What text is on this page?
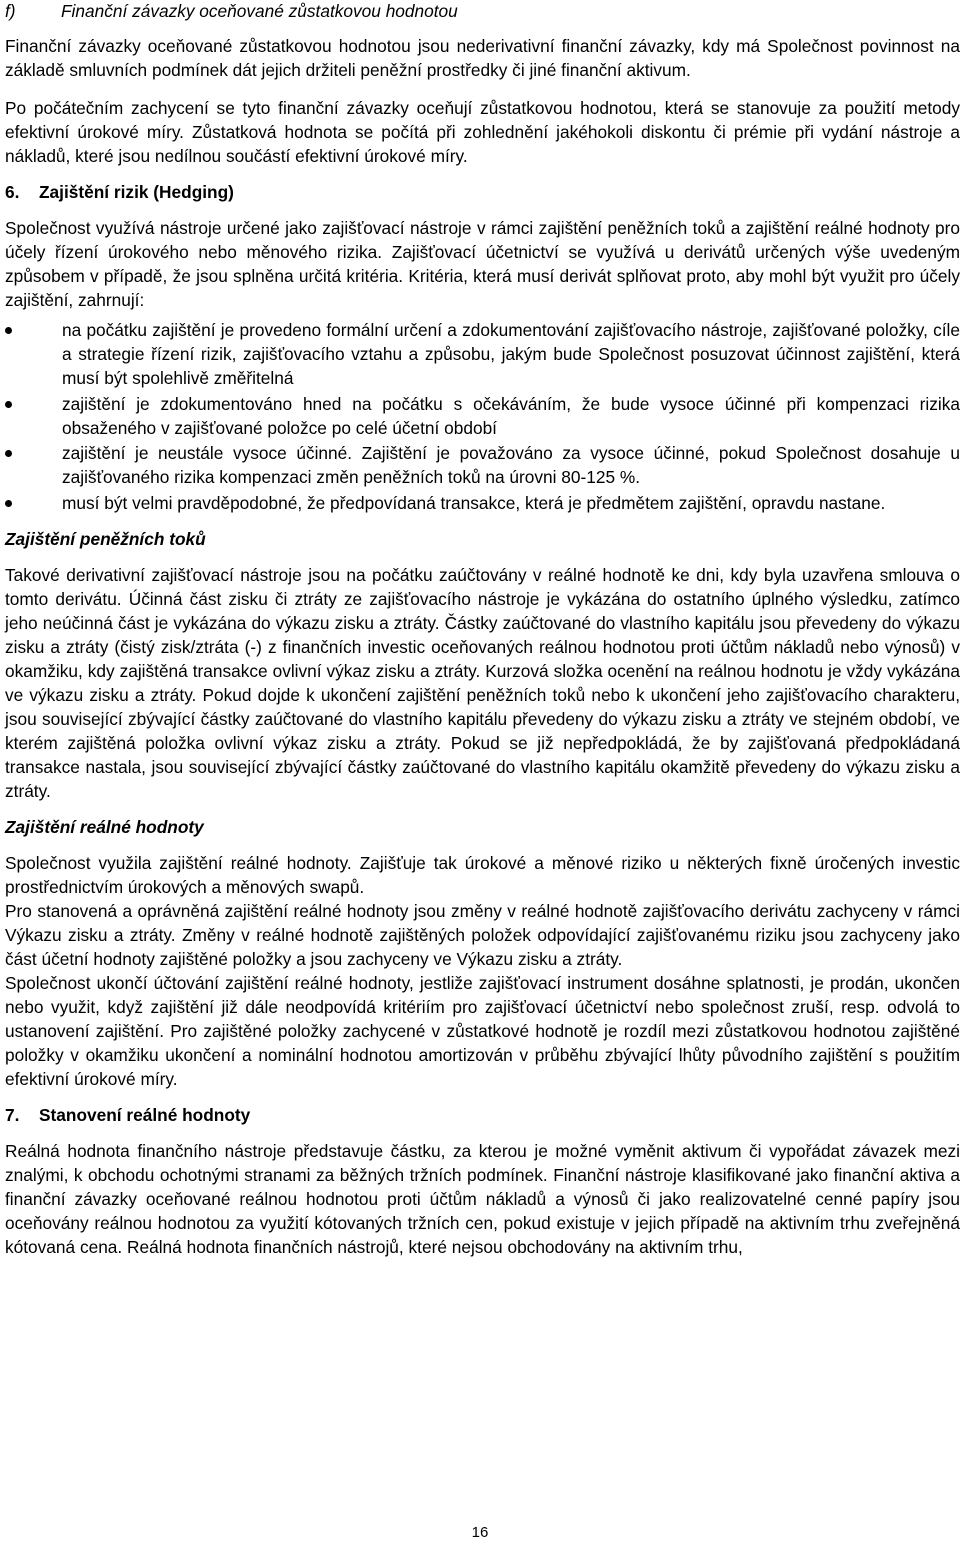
f)	Finanční závazky oceňované zůstatkovou hodnotou

Finanční závazky oceňované zůstatkovou hodnotou jsou nederivativní finanční závazky, kdy má Společnost povinnost na základě smluvních podmínek dát jejich držiteli peněžní prostředky či jiné finanční aktivum.

Po počátečním zachycení se tyto finanční závazky oceňují zůstatkovou hodnotou, která se stanovuje za použití metody efektivní úrokové míry. Zůstatková hodnota se počítá při zohlednění jakéhokoli diskontu či prémie při vydání nástroje a nákladů, které jsou nedílnou součástí efektivní úrokové míry.

6. Zajištění rizik (Hedging)

Společnost využívá nástroje určené jako zajišťovací nástroje v rámci zajištění peněžních toků a zajištění reálné hodnoty pro účely řízení úrokového nebo měnového rizika. Zajišťovací účetnictví se využívá u derivátů určených výše uvedeným způsobem v případě, že jsou splněna určitá kritéria. Kritéria, která musí derivát splňovat proto, aby mohl být využit pro účely zajištění, zahrnují:

na počátku zajištění je provedeno formální určení a zdokumentování zajišťovacího nástroje, zajišťované položky, cíle a strategie řízení rizik, zajišťovacího vztahu a způsobu, jakým bude Společnost posuzovat účinnost zajištění, která musí být spolehlivě změřitelná
zajištění je zdokumentováno hned na počátku s očekáváním, že bude vysoce účinné při kompenzaci rizika obsaženého v zajišťované položce po celé účetní období
zajištění je neustále vysoce účinné. Zajištění je považováno za vysoce účinné, pokud Společnost dosahuje u zajišťovaného rizika kompenzaci změn peněžních toků na úrovni 80-125 %.
musí být velmi pravděpodobné, že předpovídaná transakce, která je předmětem zajištění, opravdu nastane.

Zajištění peněžních toků

Takové derivativní zajišťovací nástroje jsou na počátku zaúčtovány v reálné hodnotě ke dni, kdy byla uzavřena smlouva o tomto derivátu. Účinná část zisku či ztráty ze zajišťovacího nástroje je vykázána do ostatního úplného výsledku, zatímco jeho neúčinná část je vykázána do výkazu zisku a ztráty. Částky zaúčtované do vlastního kapitálu jsou převedeny do výkazu zisku a ztráty (čistý zisk/ztráta (-) z finančních investic oceňovaných reálnou hodnotou proti účtům nákladů nebo výnosů) v okamžiku, kdy zajištěná transakce ovlivní výkaz zisku a ztráty. Kurzová složka ocenění na reálnou hodnotu je vždy vykázána ve výkazu zisku a ztráty. Pokud dojde k ukončení zajištění peněžních toků nebo k ukončení jeho zajišťovacího charakteru, jsou související zbývající částky zaúčtované do vlastního kapitálu převedeny do výkazu zisku a ztráty ve stejném období, ve kterém zajištěná položka ovlivní výkaz zisku a ztráty. Pokud se již nepředpokládá, že by zajišťovaná předpokládaná transakce nastala, jsou související zbývající částky zaúčtované do vlastního kapitálu okamžitě převedeny do výkazu zisku a ztráty.

Zajištění reálné hodnoty

Společnost využila zajištění reálné hodnoty. Zajišťuje tak úrokové a měnové riziko u některých fixně úročených investic prostřednictvím úrokových a měnových swapů.

Pro stanovená a oprávněná zajištění reálné hodnoty jsou změny v reálné hodnotě zajišťovacího derivátu zachyceny v rámci Výkazu zisku a ztráty. Změny v reálné hodnotě zajištěných položek odpovídající zajišťovanému riziku jsou zachyceny jako část účetní hodnoty zajištěné položky a jsou zachyceny ve Výkazu zisku a ztráty.

Společnost ukončí účtování zajištění reálné hodnoty, jestliže zajišťovací instrument dosáhne splatnosti, je prodán, ukončen nebo využit, když zajištění již dále neodpovídá kritériím pro zajišťovací účetnictví nebo společnost zruší, resp. odvolá to ustanovení zajištění. Pro zajištěné položky zachycené v zůstatkové hodnotě je rozdíl mezi zůstatkovou hodnotou zajištěné položky v okamžiku ukončení a nominální hodnotou amortizován v průběhu zbývající lhůty původního zajištění s použitím efektivní úrokové míry.

7. Stanovení reálné hodnoty

Reálná hodnota finančního nástroje představuje částku, za kterou je možné vyměnit aktivum či vypořádat závazek mezi znalými, k obchodu ochotnými stranami za běžných tržních podmínek. Finanční nástroje klasifikované jako finanční aktiva a finanční závazky oceňované reálnou hodnotou proti účtům nákladů a výnosů či jako realizovatelné cenné papíry jsou oceňovány reálnou hodnotou za využití kótovaných tržních cen, pokud existuje v jejich případě na aktivním trhu zveřejněná kótovaná cena. Reálná hodnota finančních nástrojů, které nejsou obchodovány na aktivním trhu,

16
